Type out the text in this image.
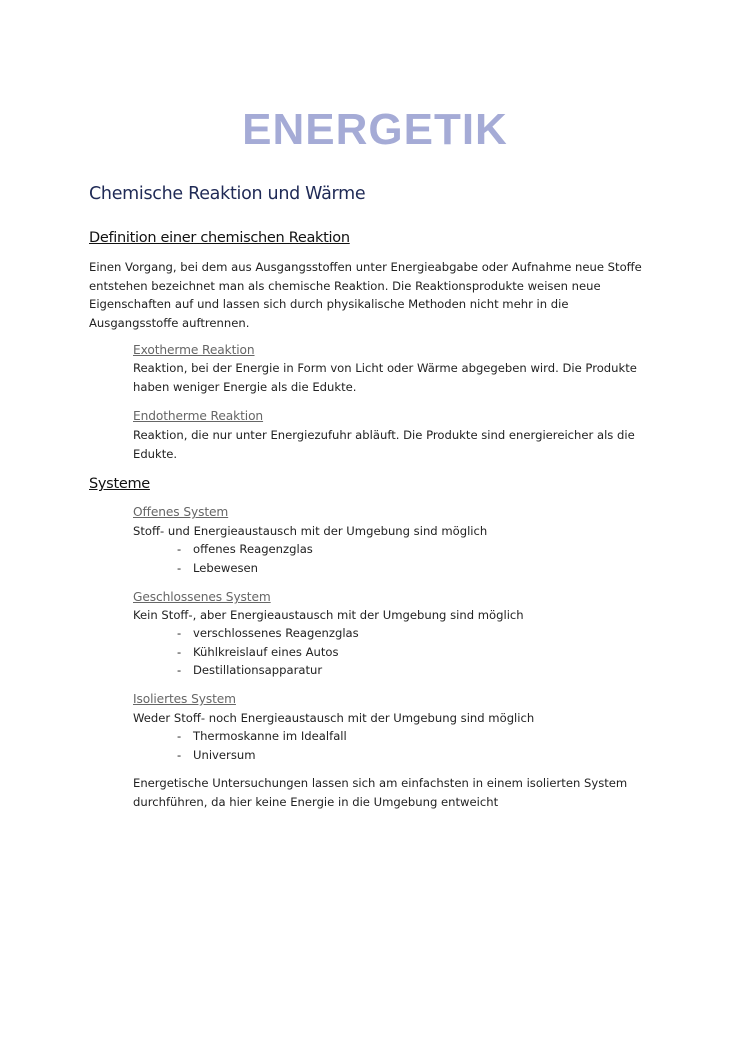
ENERGETIK
Chemische Reaktion und Wärme
Definition einer chemischen Reaktion

Einen Vorgang, bei dem aus Ausgangsstoffen unter Energieabgabe oder Aufnahme neue Stoffe entstehen bezeichnet man als chemische Reaktion. Die Reaktionsprodukte weisen neue Eigenschaften auf und lassen sich durch physikalische Methoden nicht mehr in die Ausgangsstoffe auftrennen.

Exotherme Reaktion

Reaktion, bei der Energie in Form von Licht oder Wärme abgegeben wird. Die Produkte haben weniger Energie als die Edukte.

Endotherme Reaktion

Reaktion, die nur unter Energiezufuhr abläuft. Die Produkte sind energiereicher als die Edukte.

Systeme
Offenes System

Stoff- und Energieaustausch mit der Umgebung sind möglich

- offenes Reagenzglas
- Lebewesen
Geschlossenes System

Kein Stoff-, aber Energieaustausch mit der Umgebung sind möglich

- verschlossenes Reagenzglas
- Kühlkreislauf eines Autos
- Destillationsapparatur
Isoliertes System

Weder Stoff- noch Energieaustausch mit der Umgebung sind möglich

- Thermoskanne im Idealfall
- Universum

Energetische Untersuchungen lassen sich am einfachsten in einem isolierten System durchführen, da hier keine Energie in die Umgebung entweicht
